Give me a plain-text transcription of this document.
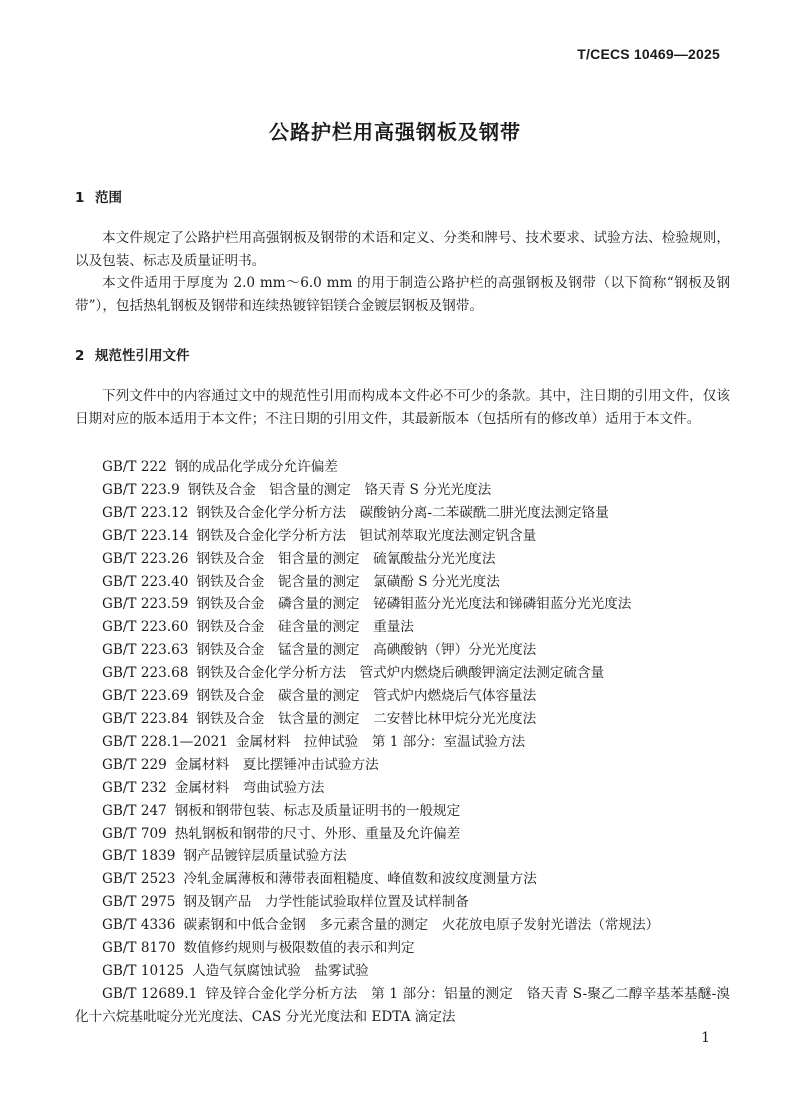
T/CECS 10469—2025
公路护栏用高强钢板及钢带
1 范围

本文件规定了公路护栏用高强钢板及钢带的术语和定义、分类和牌号、技术要求、试验方法、检验规则，以及包装、标志及质量证明书。

本文件适用于厚度为 2.0 mm～6.0 mm 的用于制造公路护栏的高强钢板及钢带（以下简称“钢板及钢带”），包括热轧钢板及钢带和连续热镀锌铝镁合金镀层钢板及钢带。

2 规范性引用文件

下列文件中的内容通过文中的规范性引用而构成本文件必不可少的条款。其中，注日期的引用文件，仅该日期对应的版本适用于本文件；不注日期的引用文件，其最新版本（包括所有的修改单）适用于本文件。

GB/T 222 钢的成品化学成分允许偏差
GB/T 223.9 钢铁及合金　铝含量的测定　铬天青 S 分光光度法
GB/T 223.12 钢铁及合金化学分析方法　碳酸钠分离-二苯碳酰二肼光度法测定铬量
GB/T 223.14 钢铁及合金化学分析方法　钽试剂萃取光度法测定钒含量
GB/T 223.26 钢铁及合金　钼含量的测定　硫氰酸盐分光光度法
GB/T 223.40 钢铁及合金　铌含量的测定　氯磺酚 S 分光光度法
GB/T 223.59 钢铁及合金　磷含量的测定　铋磷钼蓝分光光度法和锑磷钼蓝分光光度法
GB/T 223.60 钢铁及合金　硅含量的测定　重量法
GB/T 223.63 钢铁及合金　锰含量的测定　高碘酸钠（钾）分光光度法
GB/T 223.68 钢铁及合金化学分析方法　管式炉内燃烧后碘酸钾滴定法测定硫含量
GB/T 223.69 钢铁及合金　碳含量的测定　管式炉内燃烧后气体容量法
GB/T 223.84 钢铁及合金　钛含量的测定　二安替比林甲烷分光光度法
GB/T 228.1—2021 金属材料　拉伸试验　第 1 部分：室温试验方法
GB/T 229 金属材料　夏比摆锤冲击试验方法
GB/T 232 金属材料　弯曲试验方法
GB/T 247 钢板和钢带包装、标志及质量证明书的一般规定
GB/T 709 热轧钢板和钢带的尺寸、外形、重量及允许偏差
GB/T 1839 钢产品镀锌层质量试验方法
GB/T 2523 冷轧金属薄板和薄带表面粗糙度、峰值数和波纹度测量方法
GB/T 2975 钢及钢产品　力学性能试验取样位置及试样制备
GB/T 4336 碳素钢和中低合金钢　多元素含量的测定　火花放电原子发射光谱法（常规法）
GB/T 8170 数值修约规则与极限数值的表示和判定
GB/T 10125 人造气氛腐蚀试验　盐雾试验
GB/T 12689.1 锌及锌合金化学分析方法　第 1 部分：铝量的测定　铬天青 S-聚乙二醇辛基苯基醚-溴化十六烷基吡啶分光光度法、CAS 分光光度法和 EDTA 滴定法
1
